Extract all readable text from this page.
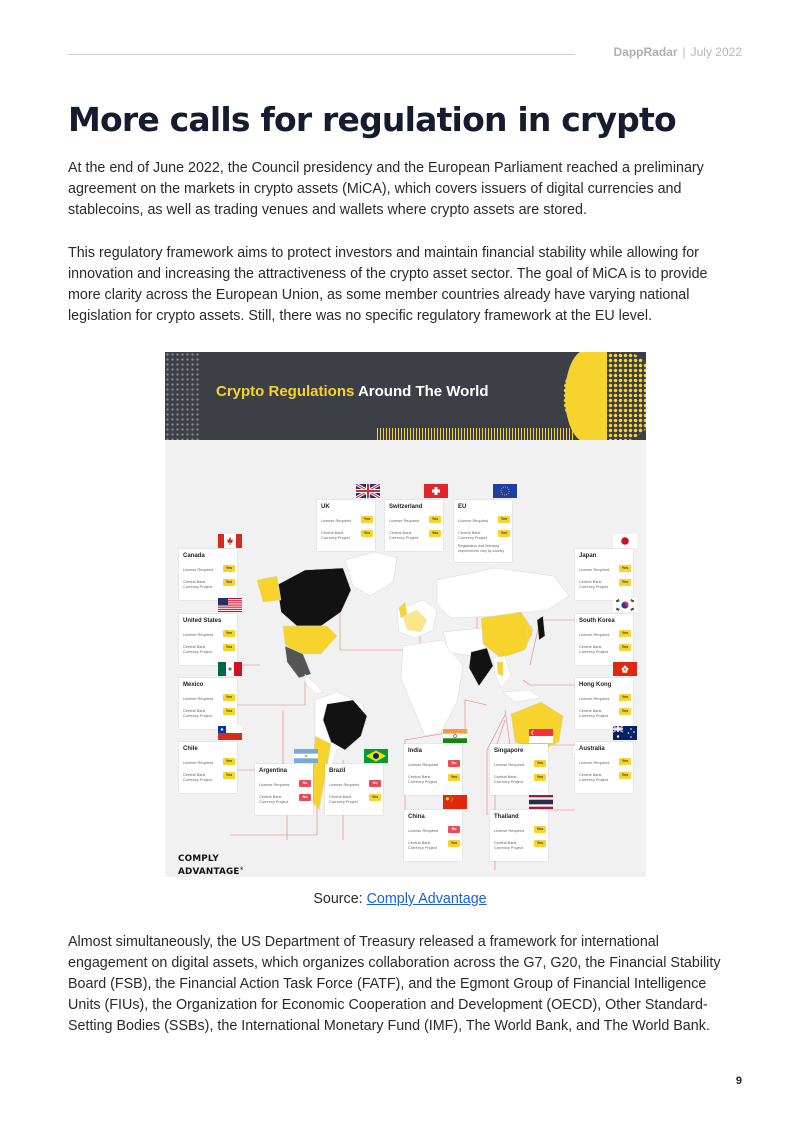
DappRadar | July 2022
More calls for regulation in crypto

At the end of June 2022, the Council presidency and the European Parliament reached a preliminary agreement on the markets in crypto assets (MiCA), which covers issuers of digital currencies and stablecoins, as well as trading venues and wallets where crypto assets are stored.

This regulatory framework aims to protect investors and maintain financial stability while allowing for innovation and increasing the attractiveness of the crypto asset sector. The goal of MiCA is to provide more clarity across the European Union, as some member countries already have varying national legislation for crypto assets. Still, there was no specific regulatory framework at the EU level.

Crypto Regulations Around The World
UK
License Required	Yes
Central Bank Currency Project
Yes
Switzerland
License Required	Yes
Central Bank Currency Project
Yes
EU
License Required	Yes
Central Bank Currency Project
Yes
Registration and licensing requirements vary by country
Canada
License Required	Yes
Central Bank Currency Project
Yes
Japan
License Required	Yes
Central Bank Currency Project
Yes
United States
License Required	Yes
Central Bank Currency Project
Yes
South Korea
License Required	Yes
Central Bank Currency Project
Yes
Mexico
License Required	Yes
Central Bank Currency Project
Yes
Hong Kong
License Required	Yes
Central Bank Currency Project
Yes
Chile
License Required	Yes
Central Bank Currency Project
Yes
Argentina
License Required	No
Central Bank Currency Project
No
Brazil
License Required	No
Central Bank Currency Project
Yes
India
License Required	No
Central Bank Currency Project
Yes
Singapore
License Required	Yes
Central Bank Currency Project
Yes
Australia
License Required	Yes
Central Bank Currency Project
Yes
China
License Required	No
Central Bank Currency Project
Yes
Thailand
License Required	Yes
Central Bank Currency Project
Yes
COMPLY
ADVANTAGE®
Source: Comply Advantage

Almost simultaneously, the US Department of Treasury released a framework for international engagement on digital assets, which organizes collaboration across the G7, G20, the Financial Stability Board (FSB), the Financial Action Task Force (FATF), and the Egmont Group of Financial Intelligence Units (FIUs), the Organization for Economic Cooperation and Development (OECD), Other Standard-Setting Bodies (SSBs), the International Monetary Fund (IMF), The World Bank, and The World Bank.

9
